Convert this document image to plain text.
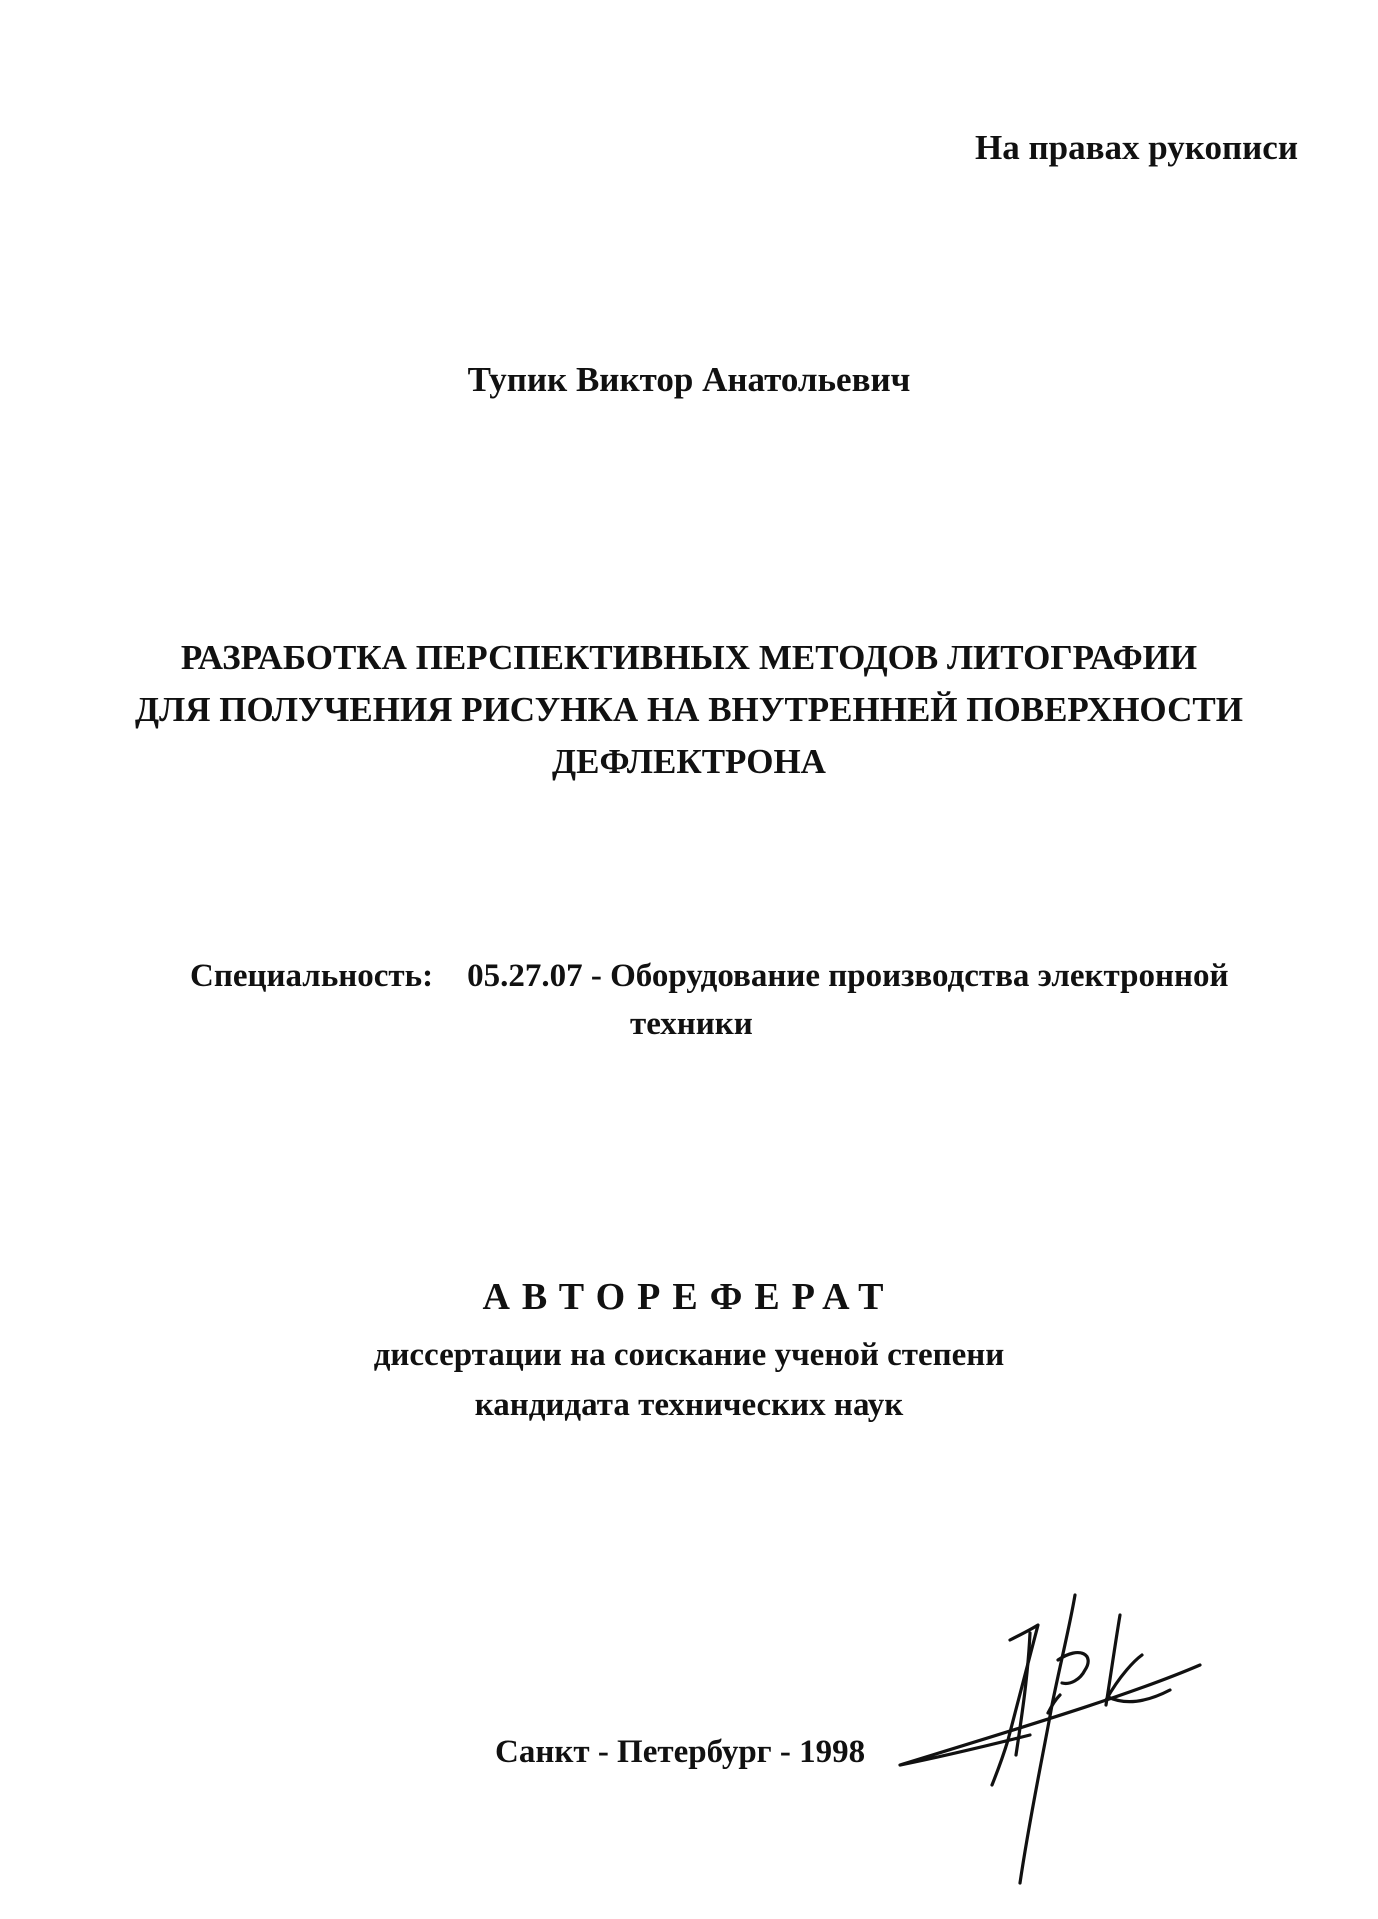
На правах рукописи
Тупик Виктор Анатольевич
РАЗРАБОТКА ПЕРСПЕКТИВНЫХ МЕТОДОВ ЛИТОГРАФИИ
ДЛЯ ПОЛУЧЕНИЯ РИСУНКА НА ВНУТРЕННЕЙ ПОВЕРХНОСТИ
ДЕФЛЕКТРОНА
Специальность: 05.27.07 - Оборудование производства электронной
техники
АВТОРЕФЕРАТ
диссертации на соискание ученой степени
кандидата технических наук
Санкт - Петербург - 1998
